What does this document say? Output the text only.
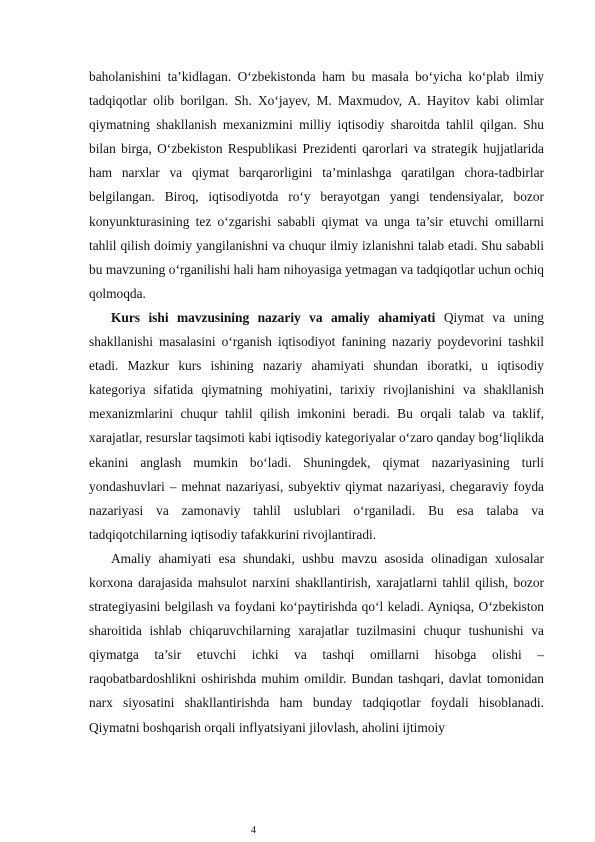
baholanishini ta’kidlagan. O‘zbekistonda ham bu masala bo‘yicha ko‘plab ilmiy tadqiqotlar olib borilgan. Sh. Xo‘jayev, M. Maxmudov, A. Hayitov kabi olimlar qiymatning shakllanish mexanizmini milliy iqtisodiy sharoitda tahlil qilgan. Shu bilan birga, O‘zbekiston Respublikasi Prezidenti qarorlari va strategik hujjatlarida ham narxlar va qiymat barqarorligini ta’minlashga qaratilgan chora-tadbirlar belgilangan. Biroq, iqtisodiyotda ro‘y berayotgan yangi tendensiyalar, bozor konyunkturasining tez o‘zgarishi sababli qiymat va unga ta’sir etuvchi omillarni tahlil qilish doimiy yangilanishni va chuqur ilmiy izlanishni talab etadi. Shu sababli bu mavzuning o‘rganilishi hali ham nihoyasiga yetmagan va tadqiqotlar uchun ochiq qolmoqda.

Kurs ishi mavzusining nazariy va amaliy ahamiyati Qiymat va uning shakllanishi masalasini o‘rganish iqtisodiyot fanining nazariy poydevorini tashkil etadi. Mazkur kurs ishining nazariy ahamiyati shundan iboratki, u iqtisodiy kategoriya sifatida qiymatning mohiyatini, tarixiy rivojlanishini va shakllanish mexanizmlarini chuqur tahlil qilish imkonini beradi. Bu orqali talab va taklif, xarajatlar, resurslar taqsimoti kabi iqtisodiy kategoriyalar o‘zaro qanday bog‘liqlikda ekanini anglash mumkin bo‘ladi. Shuningdek, qiymat nazariyasining turli yondashuvlari – mehnat nazariyasi, subyektiv qiymat nazariyasi, chegaraviy foyda nazariyasi va zamonaviy tahlil uslublari o‘rganiladi. Bu esa talaba va tadqiqotchilarning iqtisodiy tafakkurini rivojlantiradi.

Amaliy ahamiyati esa shundaki, ushbu mavzu asosida olinadigan xulosalar korxona darajasida mahsulot narxini shakllantirish, xarajatlarni tahlil qilish, bozor strategiyasini belgilash va foydani ko‘paytirishda qo‘l keladi. Ayniqsa, O‘zbekiston sharoitida ishlab chiqaruvchilarning xarajatlar tuzilmasini chuqur tushunishi va qiymatga ta’sir etuvchi ichki va tashqi omillarni hisobga olishi – raqobatbardoshlikni oshirishda muhim omildir. Bundan tashqari, davlat tomonidan narx siyosatini shakllantirishda ham bunday tadqiqotlar foydali hisoblanadi. Qiymatni boshqarish orqali inflyatsiyani jilovlash, aholini ijtimoiy

4
